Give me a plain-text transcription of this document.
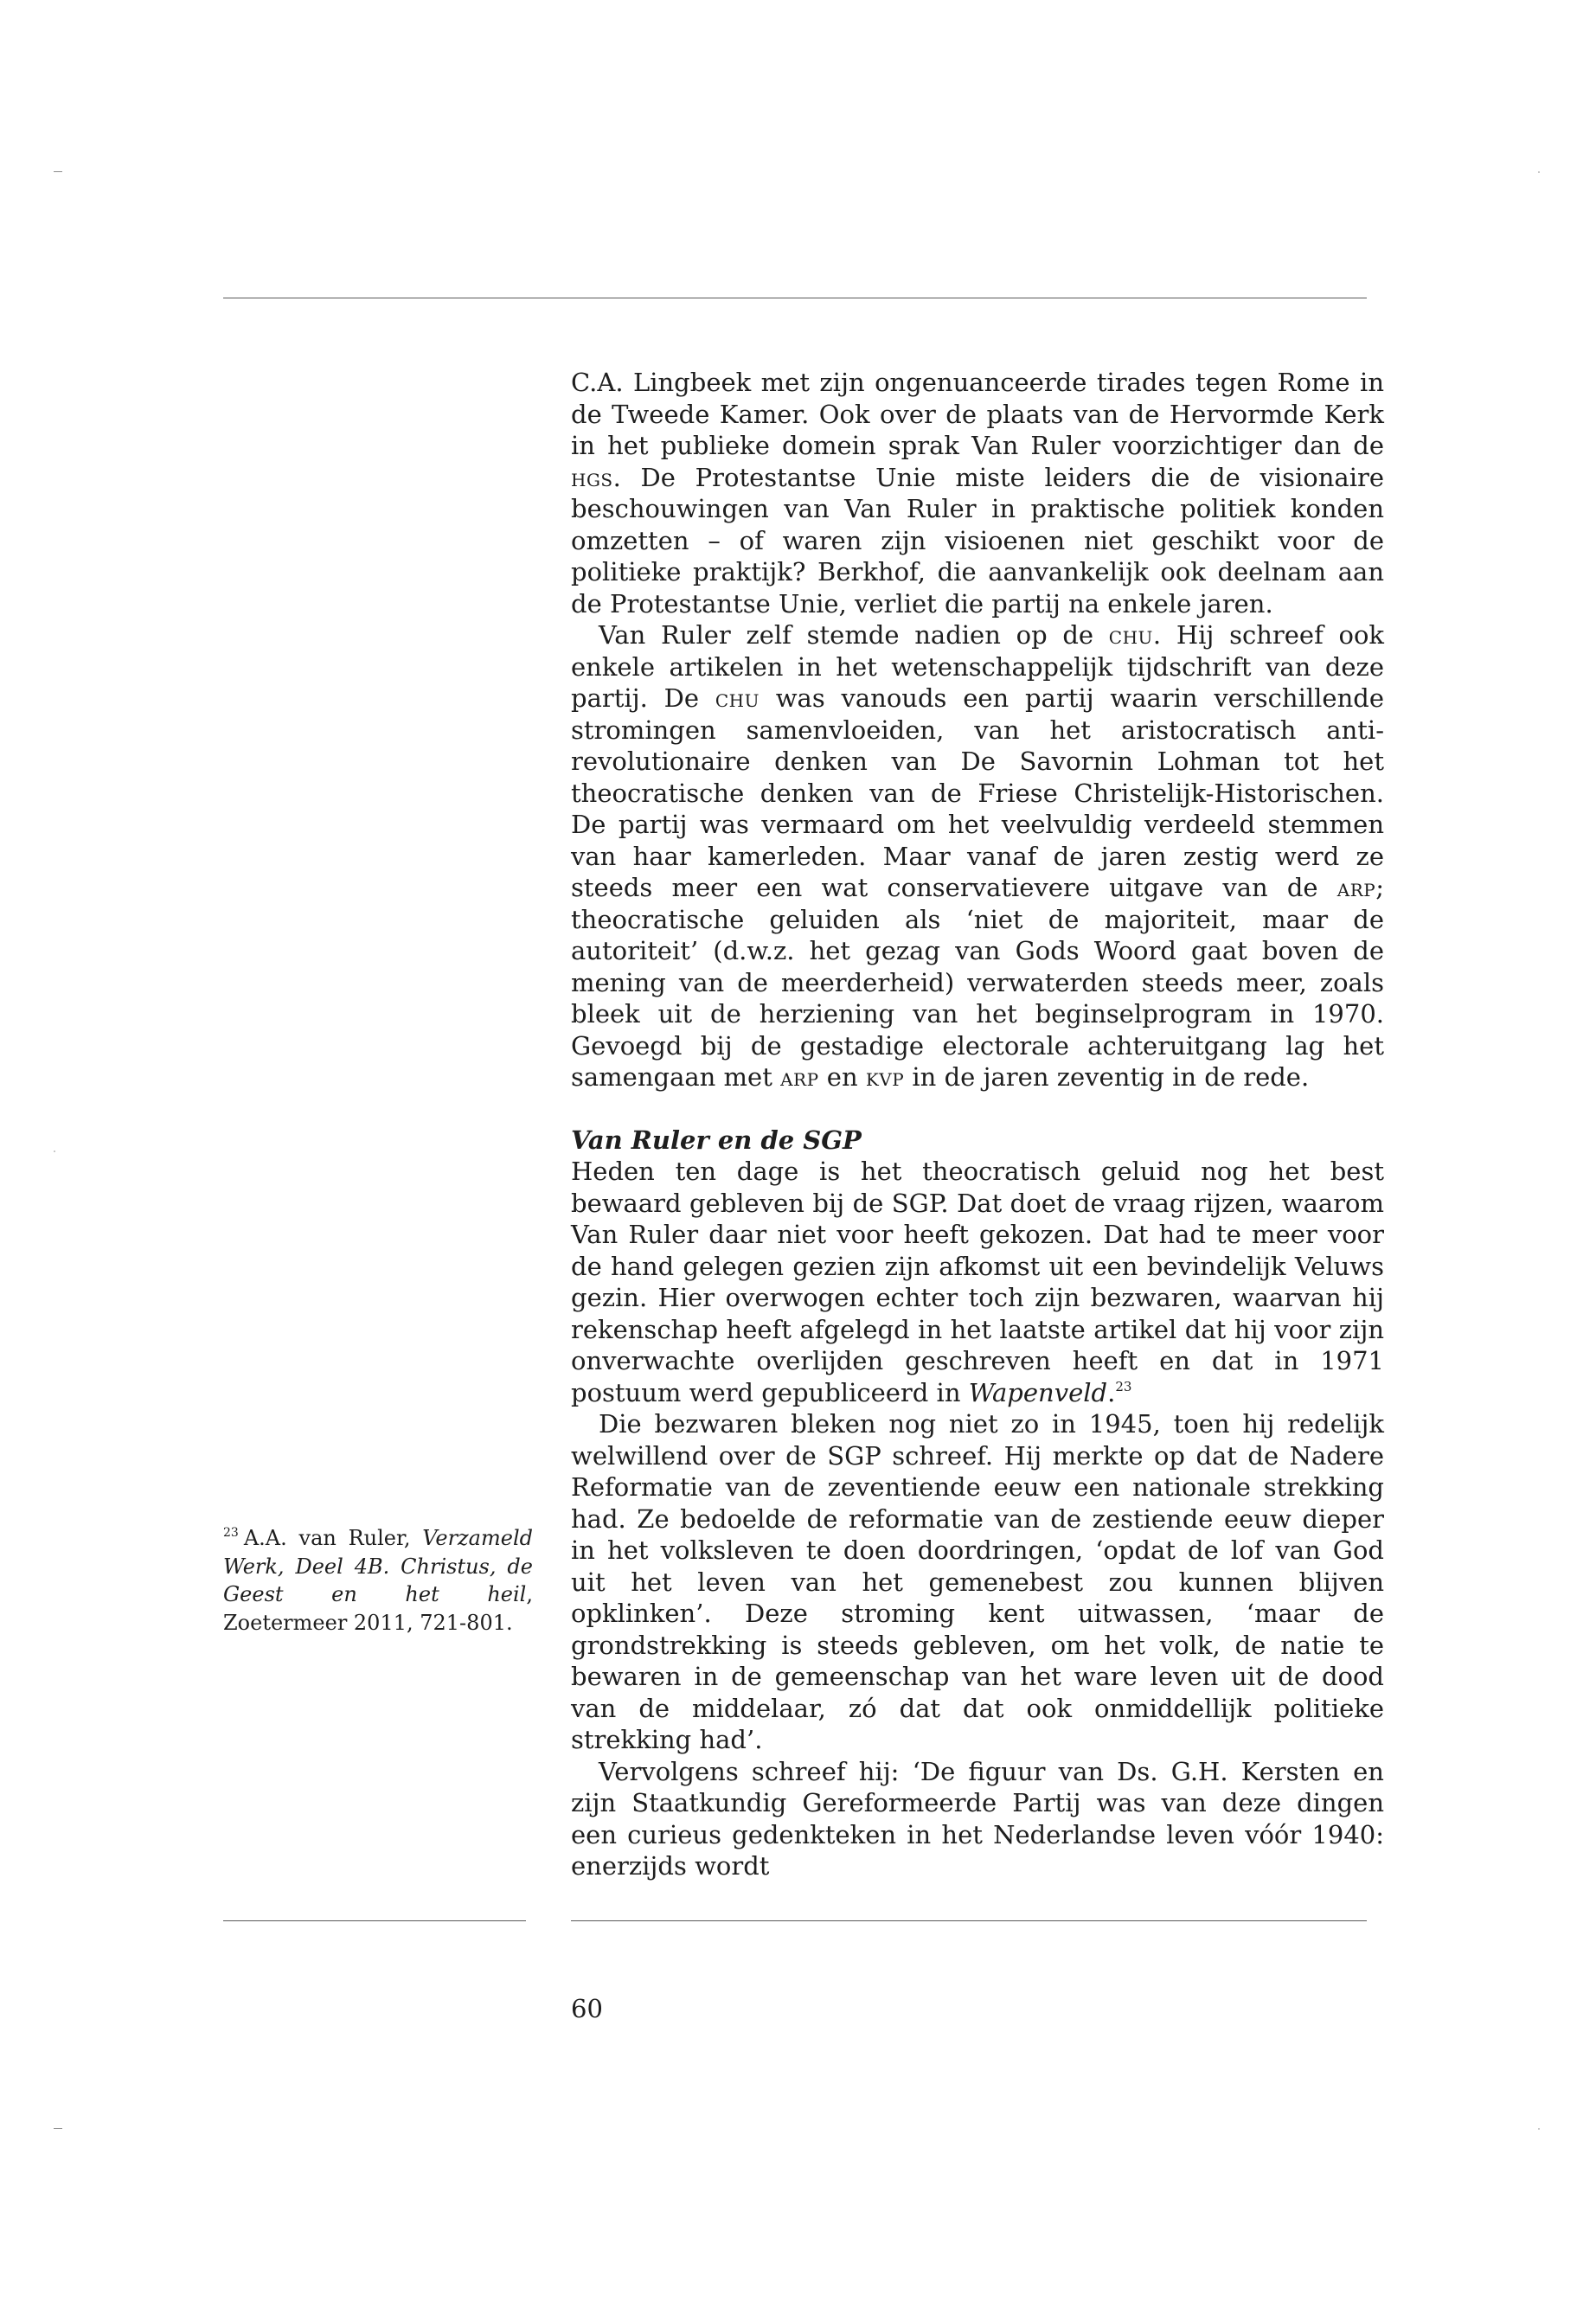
C.A. Lingbeek met zijn ongenuanceerde tirades tegen Rome in de Tweede Kamer. Ook over de plaats van de Hervormde Kerk in het publieke domein sprak Van Ruler voorzichtiger dan de hgs. De Protestantse Unie miste leiders die de visionaire beschouwingen van Van Ruler in praktische politiek konden omzetten – of waren zijn visioenen niet geschikt voor de politieke praktijk? Berkhof, die aanvankelijk ook deelnam aan de Protestantse Unie, verliet die partij na enkele jaren.

Van Ruler zelf stemde nadien op de chu. Hij schreef ook enkele artikelen in het wetenschappelijk tijdschrift van deze partij. De chu was vanouds een partij waarin verschillende stromingen samenvloeiden, van het aristocratisch anti-revolutionaire denken van De Savornin Lohman tot het theocratische denken van de Friese Christelijk-Historischen. De partij was vermaard om het veelvuldig verdeeld stemmen van haar kamerleden. Maar vanaf de jaren zestig werd ze steeds meer een wat conservatievere uitgave van de arp; theocratische geluiden als ‘niet de majoriteit, maar de autoriteit’ (d.w.z. het gezag van Gods Woord gaat boven de mening van de meerderheid) verwaterden steeds meer, zoals bleek uit de herziening van het beginselprogram in 1970. Gevoegd bij de gestadige electorale achteruitgang lag het samengaan met arp en kvp in de jaren zeventig in de rede.

Van Ruler en de SGP

Heden ten dage is het theocratisch geluid nog het best bewaard gebleven bij de SGP. Dat doet de vraag rijzen, waarom Van Ruler daar niet voor heeft gekozen. Dat had te meer voor de hand gelegen gezien zijn afkomst uit een bevindelijk Veluws gezin. Hier overwogen echter toch zijn bezwaren, waarvan hij rekenschap heeft afgelegd in het laatste artikel dat hij voor zijn onverwachte overlijden geschreven heeft en dat in 1971 postuum werd gepubliceerd in Wapenveld.$^{23}$

Die bezwaren bleken nog niet zo in 1945, toen hij redelijk welwillend over de SGP schreef. Hij merkte op dat de Nadere Reformatie van de zeventiende eeuw een nationale strekking had. Ze bedoelde de reformatie van de zestiende eeuw dieper in het volksleven te doen doordringen, ‘opdat de lof van God uit het leven van het gemenebest zou kunnen blijven opklinken’. Deze stroming kent uitwassen, ‘maar de grondstrekking is steeds gebleven, om het volk, de natie te bewaren in de gemeenschap van het ware leven uit de dood van de middelaar, zó dat dat ook onmiddellijk politieke strekking had’.

Vervolgens schreef hij: ‘De figuur van Ds. G.H. Kersten en zijn Staatkundig Gereformeerde Partij was van deze dingen een curieus gedenkteken in het Nederlandse leven vóór 1940: enerzijds wordt

$^{23}$ A.A. van Ruler, Verzameld Werk, Deel 4B. Christus, de Geest en het heil, Zoetermeer 2011, 721-801.
60
